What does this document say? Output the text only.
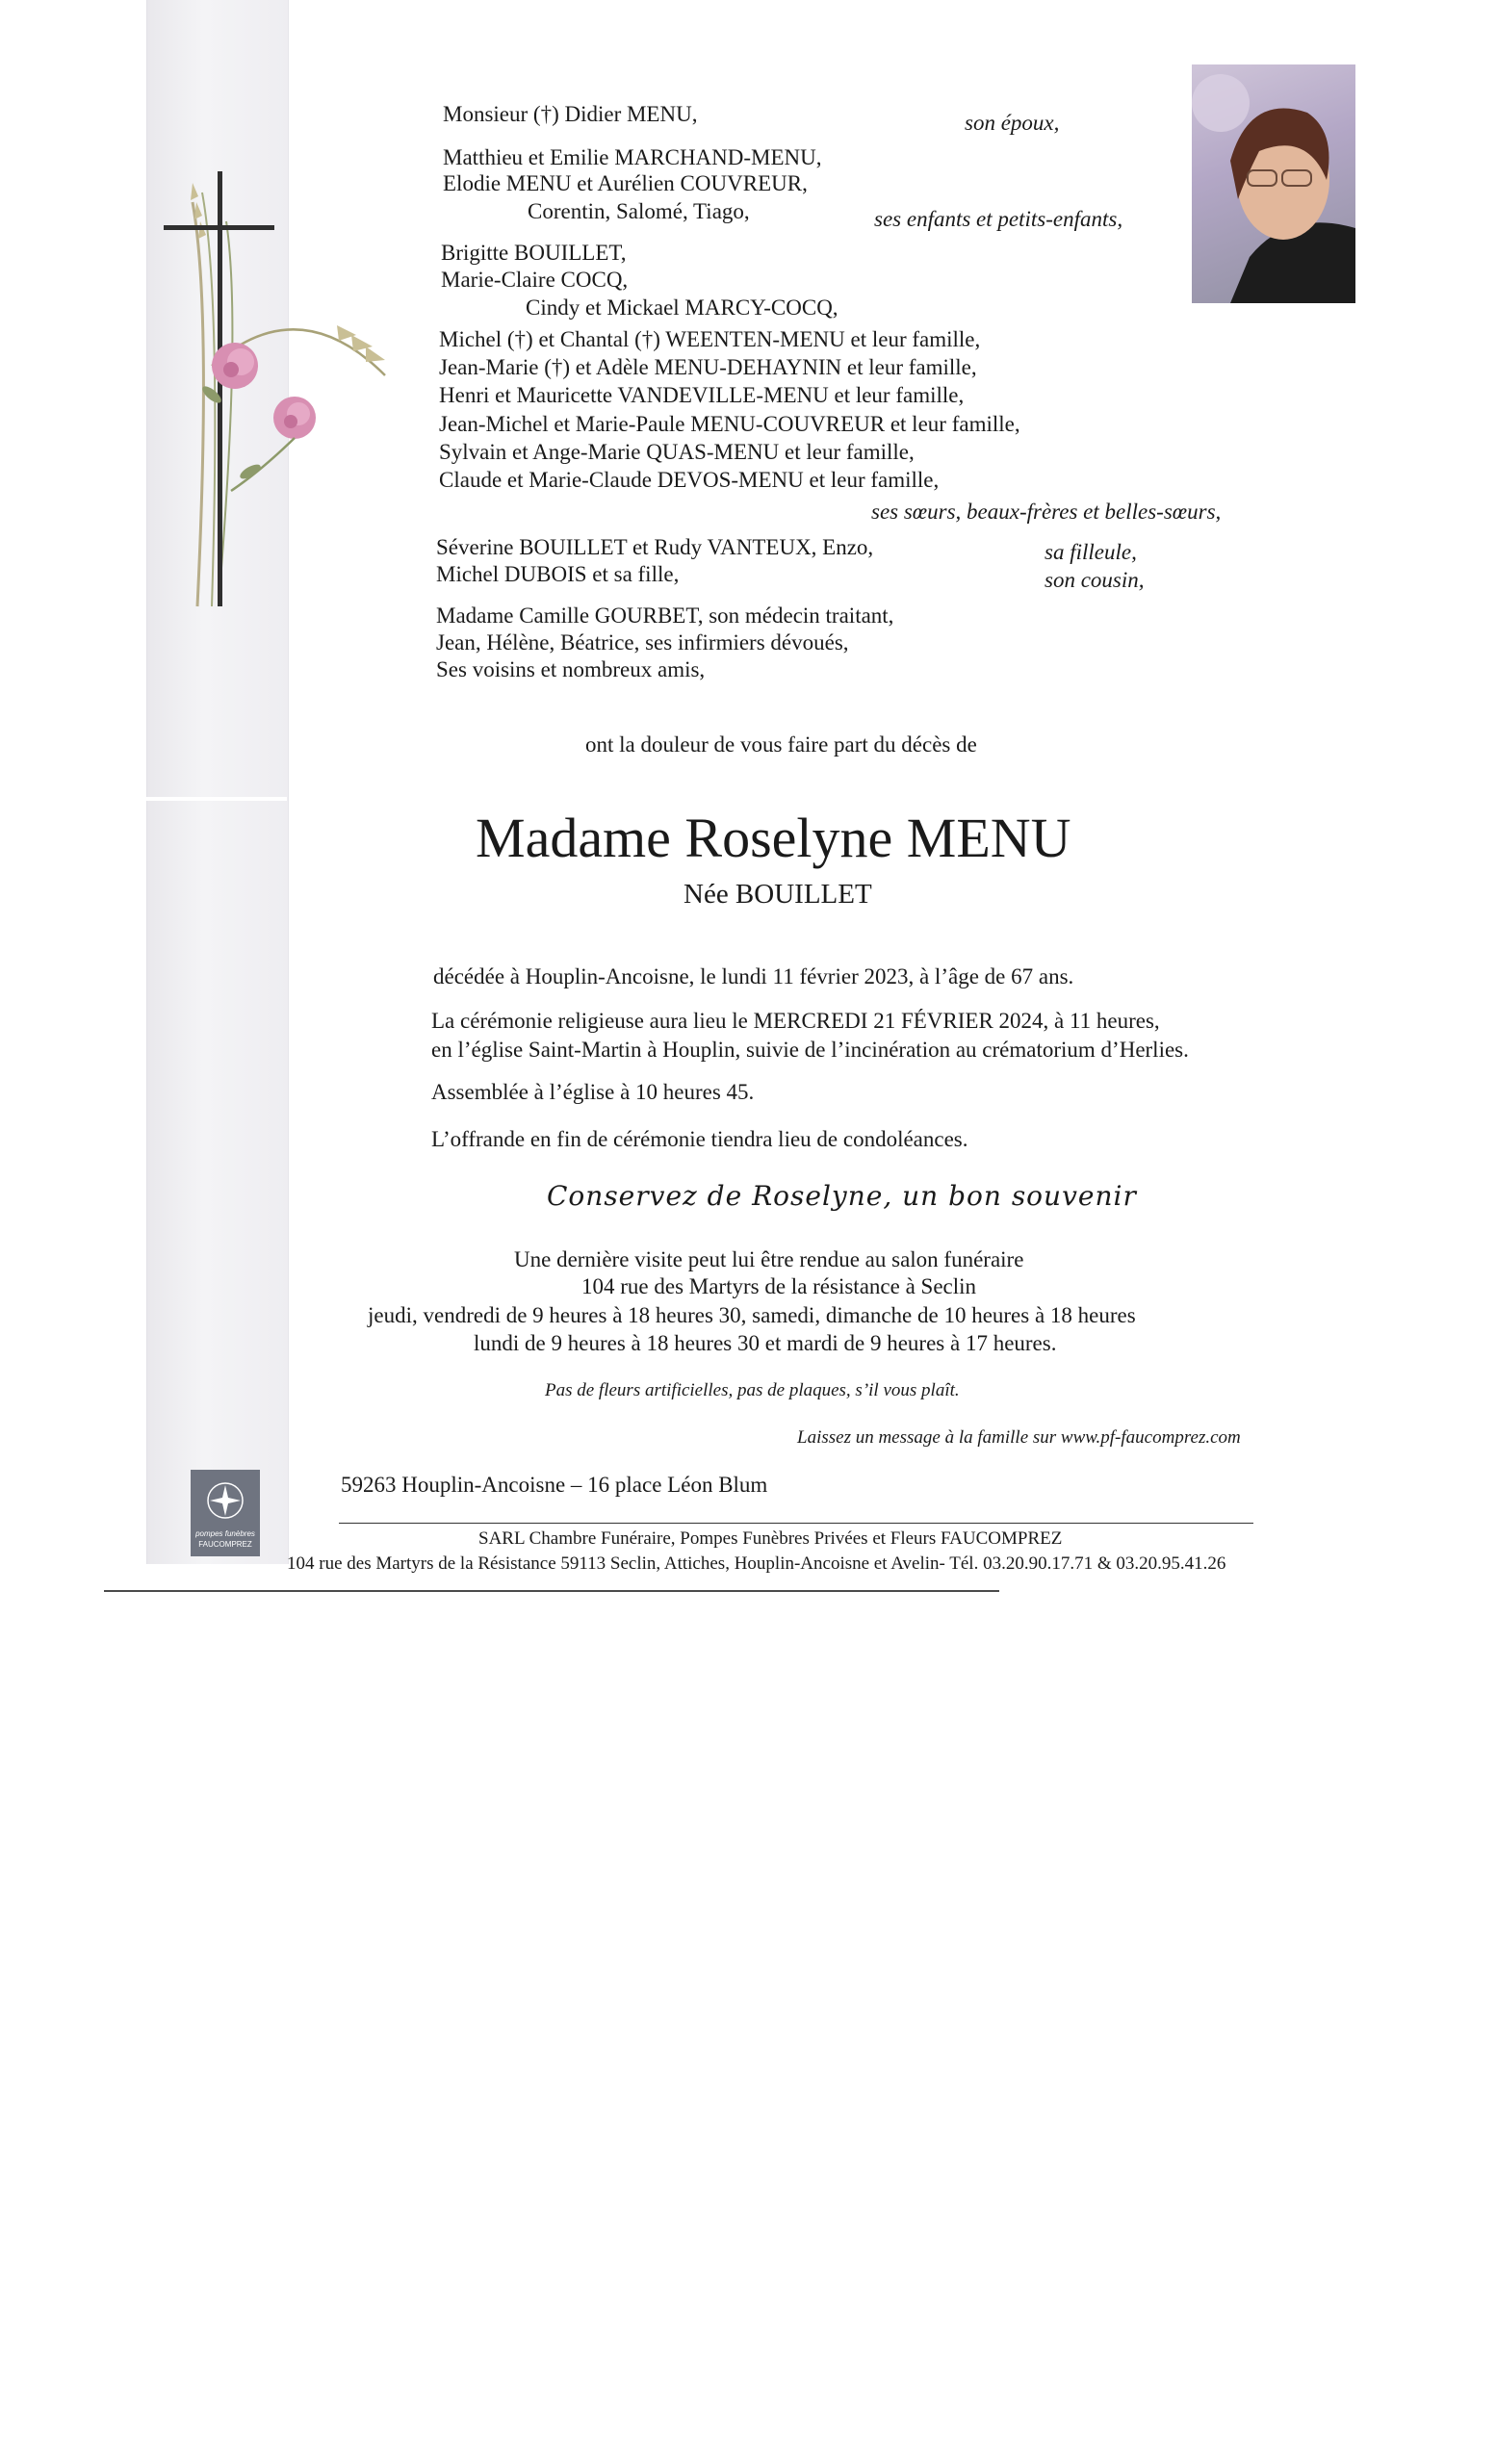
Monsieur (†) Didier MENU,	son époux,
Matthieu et Emilie MARCHAND-MENU,
Elodie MENU et Aurélien COUVREUR,
Corentin, Salomé, Tiago,	ses enfants et petits-enfants,
Brigitte BOUILLET,
Marie-Claire COCQ,
Cindy et Mickael MARCY-COCQ,
Michel (†) et Chantal (†) WEENTEN-MENU et leur famille,
Jean-Marie (†) et Adèle MENU-DEHAYNIN et leur famille,
Henri et Mauricette VANDEVILLE-MENU et leur famille,
Jean-Michel et Marie-Paule MENU-COUVREUR et leur famille,
Sylvain et Ange-Marie QUAS-MENU et leur famille,
Claude et Marie-Claude DEVOS-MENU et leur famille,
ses sœurs, beaux-frères et belles-sœurs,
Séverine BOUILLET et Rudy VANTEUX, Enzo,	sa filleule,
Michel DUBOIS et sa fille,	son cousin,
Madame Camille GOURBET, son médecin traitant,
Jean, Hélène, Béatrice, ses infirmiers dévoués,
Ses voisins et nombreux amis,
ont la douleur de vous faire part du décès de
Madame Roselyne MENU
Née BOUILLET
décédée à Houplin-Ancoisne, le lundi 11 février 2023, à l’âge de 67 ans.
La cérémonie religieuse aura lieu le MERCREDI 21 FÉVRIER 2024, à 11 heures,
en l’église Saint-Martin à Houplin, suivie de l’incinération au crématorium d’Herlies.
Assemblée à l’église à 10 heures 45.
L’offrande en fin de cérémonie tiendra lieu de condoléances.
Conservez de Roselyne, un bon souvenir
Une dernière visite peut lui être rendue au salon funéraire
104 rue des Martyrs de la résistance à Seclin
jeudi, vendredi de 9 heures à 18 heures 30, samedi, dimanche de 10 heures à 18 heures
lundi de 9 heures à 18 heures 30 et mardi de 9 heures à 17 heures.
Pas de fleurs artificielles, pas de plaques, s’il vous plaît.
Laissez un message à la famille sur www.pf-faucomprez.com
pompes funèbres
FAUCOMPREZ
59263 Houplin-Ancoisne – 16 place Léon Blum
SARL Chambre Funéraire, Pompes Funèbres Privées et Fleurs FAUCOMPREZ
104 rue des Martyrs de la Résistance 59113 Seclin, Attiches, Houplin-Ancoisne et Avelin- Tél. 03.20.90.17.71 & 03.20.95.41.26
